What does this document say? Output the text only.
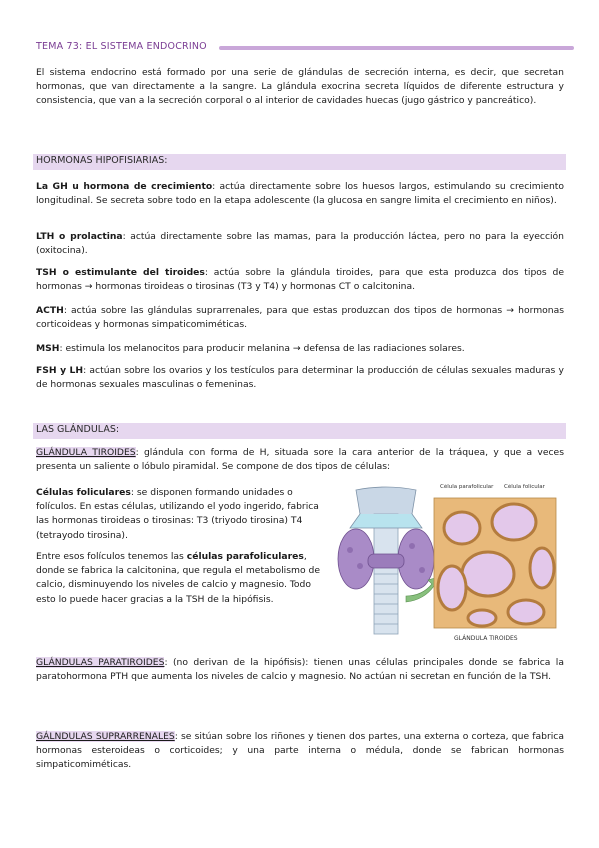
TEMA 73: EL SISTEMA ENDOCRINO

El sistema endocrino está formado por una serie de glándulas de secreción interna, es decir, que secretan hormonas, que van directamente a la sangre. La glándula exocrina secreta líquidos de diferente estructura y consistencia, que van a la secreción corporal o al interior de cavidades huecas (jugo gástrico y pancreático).

HORMONAS HIPOFISIARIAS:

La GH u hormona de crecimiento: actúa directamente sobre los huesos largos, estimulando su crecimiento longitudinal. Se secreta sobre todo en la etapa adolescente (la glucosa en sangre limita el crecimiento en niños).

LTH o prolactina: actúa directamente sobre las mamas, para la producción láctea, pero no para la eyección (oxitocina).

TSH o estimulante del tiroides: actúa sobre la glándula tiroides, para que esta produzca dos tipos de hormonas → hormonas tiroideas o tirosinas (T3 y T4) y hormonas CT o calcitonina.

ACTH: actúa sobre las glándulas suprarrenales, para que estas produzcan dos tipos de hormonas → hormonas corticoideas y hormonas simpaticomiméticas.

MSH: estimula los melanocitos para producir melanina → defensa de las radiaciones solares.

FSH y LH: actúan sobre los ovarios y los testículos para determinar la producción de células sexuales maduras y de hormonas sexuales masculinas o femeninas.

LAS GLÁNDULAS:

GLÁNDULA TIROIDES: glándula con forma de H, situada sore la cara anterior de la tráquea, y que a veces presenta un saliente o lóbulo piramidal. Se compone de dos tipos de células:

Células foliculares: se disponen formando unidades o folículos. En estas células, utilizando el yodo ingerido, fabrica las hormonas tiroideas o tirosinas: T3 (triyodo tirosina) T4 (tetrayodo tirosina).

Entre esos folículos tenemos las células parafoliculares, donde se fabrica la calcitonina, que regula el metabolismo de calcio, disminuyendo los niveles de calcio y magnesio. Todo esto lo puede hacer gracias a la TSH de la hipófisis.

Célula parafolicular Célula folicular
GLÁNDULA TIROIDES

GLÁNDULAS PARATIROIDES: (no derivan de la hipófisis): tienen unas células principales donde se fabrica la paratohormona PTH que aumenta los niveles de calcio y magnesio. No actúan ni secretan en función de la TSH.

GÁLNDULAS SUPRARRENALES: se sitúan sobre los riñones y tienen dos partes, una externa o corteza, que fabrica hormonas esteroideas o corticoides; y una parte interna o médula, donde se fabrican hormonas simpaticomiméticas.
